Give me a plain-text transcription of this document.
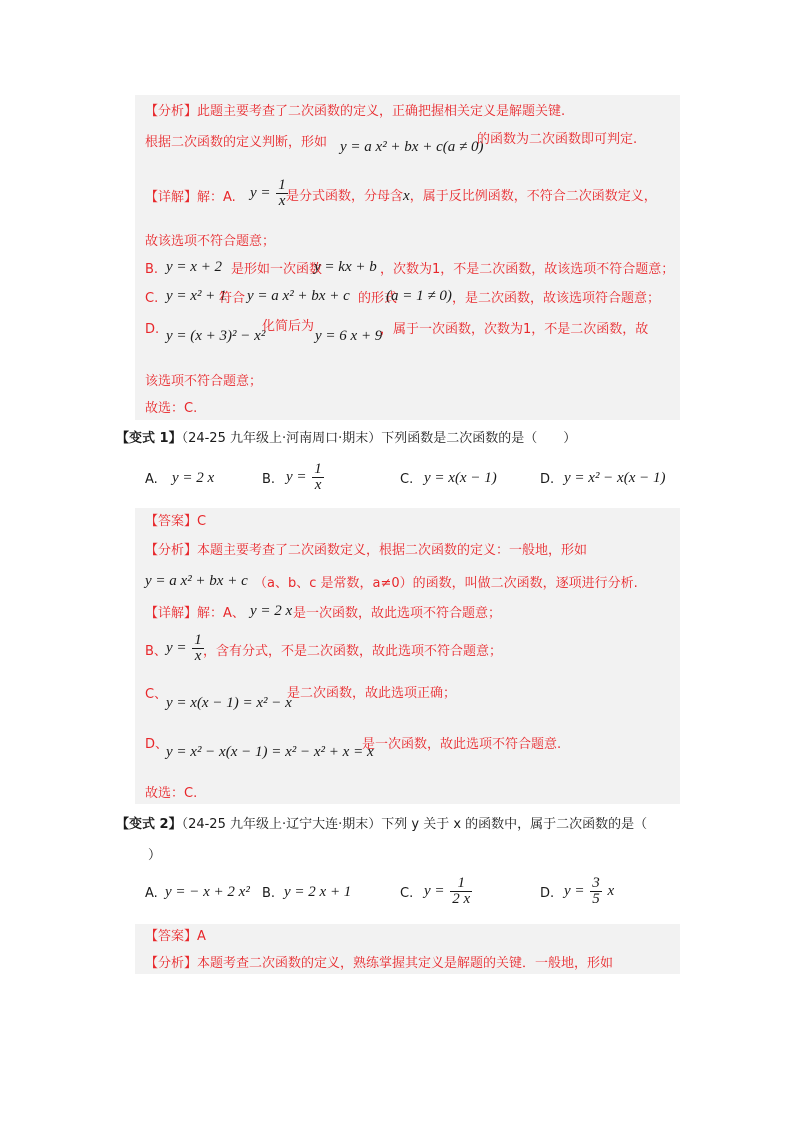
【分析】此题主要考查了二次函数的定义，正确把握相关定义是解题关键.
根据二次函数的定义判断，形如 y = a x² + bx + c(a ≠ 0)
的函数为二次函数即可判定.
【详解】解：A. $y = \frac{1}{x}$
是分式函数，分母含x，属于反比例函数，不符合二次函数定义，
故该选项不符合题意；
B. y = x + 2 是形如一次函数
y = kx + b ，次数为1，不是二次函数，故该选项不符合题意；
C. y = x² + 1
符合 y = a x² + bx + c 的形式
(a = 1 ≠ 0) ，是二次函数，故该选项符合题意；
D. y = (x + 3)² − x²
化简后为
y = 6 x + 9
，属于一次函数，次数为1，不是二次函数，故
该选项不符合题意；
故选：C.
【变式 1】（24-25 九年级上·河南周口·期末）下列函数是二次函数的是（　　）
A. y = 2 x	B. $y = \frac{1}{x}$	C. y = x(x − 1)	D. y = x² − x(x − 1)
【答案】C
【分析】本题主要考查了二次函数定义，根据二次函数的定义：一般地，形如
y = a x² + bx + c （a、b、c 是常数，a≠0）的函数，叫做二次函数，逐项进行分析.
【详解】解：A、 y = 2 x 是一次函数，故此选项不符合题意；
B、 $y = \frac{1}{x}$ ，含有分式，不是二次函数，故此选项不符合题意；
C、
y = x(x − 1) = x² − x
是二次函数，故此选项正确；
D、
y = x² − x(x − 1) = x² − x² + x = x
是一次函数，故此选项不符合题意.
故选：C.
【变式 2】（24-25 九年级上·辽宁大连·期末）下列 y 关于 x 的函数中，属于二次函数的是（
）
A. y = − x + 2 x² B. y = 2 x + 1	C. $y = \frac{1}{2 x}$	D. $y = \frac{3}{5}$ x
【答案】A
【分析】本题考查二次函数的定义，熟练掌握其定义是解题的关键．一般地，形如
